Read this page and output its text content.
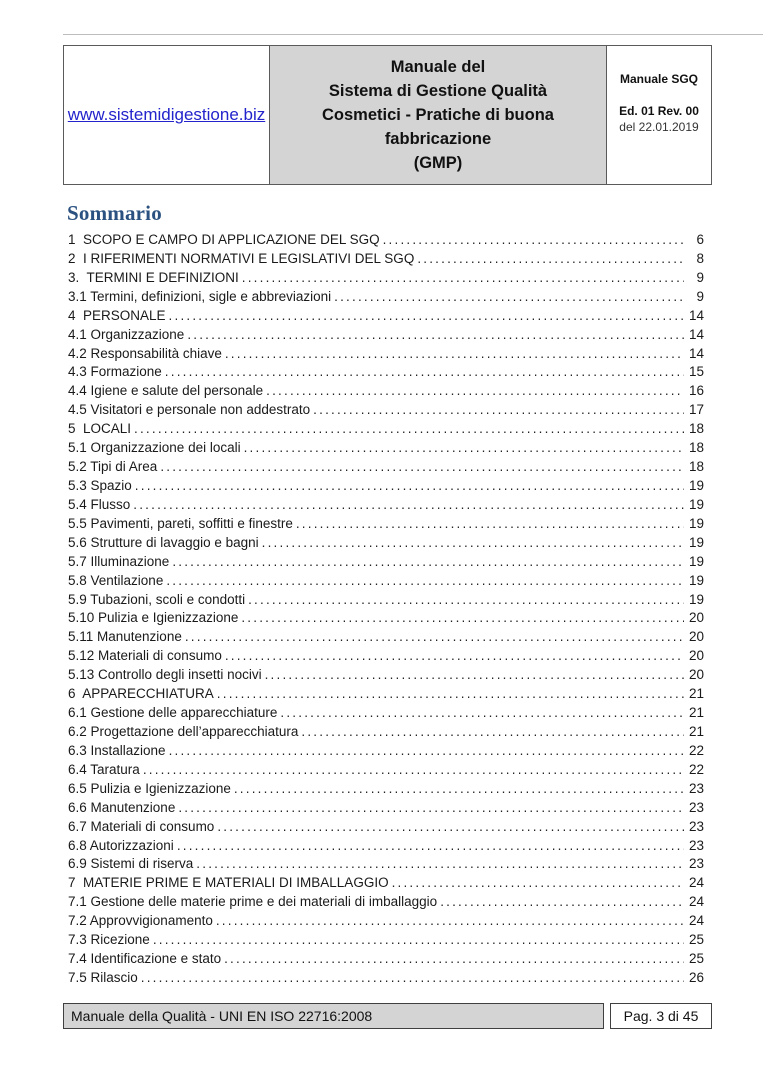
www.sistemidigestione.biz
Manuale del
Sistema di Gestione Qualità
Cosmetici - Pratiche di buona fabbricazione
(GMP)
Manuale SGQ
Ed. 01 Rev. 00
del 22.01.2019
Sommario
1  SCOPO E CAMPO DI APPLICAZIONE DEL SGQ .....	6
2  I RIFERIMENTI NORMATIVI E LEGISLATIVI DEL SGQ .....	8
3.  TERMINI E DEFINIZIONI .....	9
3.1 Termini, definizioni, sigle e abbreviazioni .....	9
4  PERSONALE .....	14
4.1 Organizzazione .....	14
4.2 Responsabilità chiave .....	14
4.3 Formazione .....	15
4.4 Igiene e salute del personale .....	16
4.5 Visitatori e personale non addestrato .....	17
5  LOCALI .....	18
5.1 Organizzazione dei locali .....	18
5.2 Tipi di Area .....	18
5.3 Spazio .....	19
5.4 Flusso .....	19
5.5 Pavimenti, pareti, soffitti e finestre .....	19
5.6 Strutture di lavaggio e bagni .....	19
5.7 Illuminazione .....	19
5.8 Ventilazione .....	19
5.9 Tubazioni, scoli e condotti .....	19
5.10 Pulizia e Igienizzazione .....	20
5.11 Manutenzione .....	20
5.12 Materiali di consumo .....	20
5.13 Controllo degli insetti nocivi .....	20
6  APPARECCHIATURA .....	21
6.1 Gestione delle apparecchiature .....	21
6.2 Progettazione dell’apparecchiatura .....	21
6.3 Installazione .....	22
6.4 Taratura .....	22
6.5 Pulizia e Igienizzazione .....	23
6.6 Manutenzione .....	23
6.7 Materiali di consumo .....	23
6.8 Autorizzazioni .....	23
6.9 Sistemi di riserva .....	23
7  MATERIE PRIME E MATERIALI DI IMBALLAGGIO .....	24
7.1 Gestione delle materie prime e dei materiali di imballaggio .....	24
7.2 Approvvigionamento .....	24
7.3 Ricezione .....	25
7.4 Identificazione e stato .....	25
7.5 Rilascio .....	26
Manuale della Qualità - UNI EN ISO 22716:2008	Pag. 3 di 45
